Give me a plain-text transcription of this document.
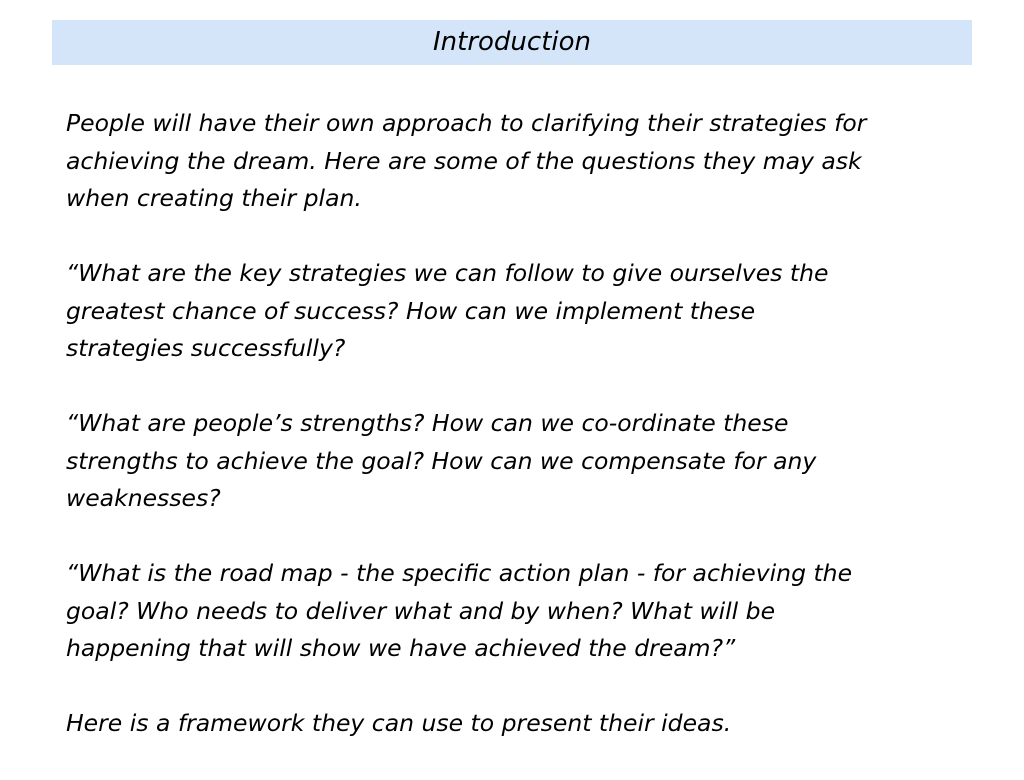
Introduction

People will have their own approach to clarifying their strategies for
achieving the dream. Here are some of the questions they may ask
when creating their plan.

“What are the key strategies we can follow to give ourselves the
greatest chance of success? How can we implement these
strategies successfully?

“What are people’s strengths? How can we co-ordinate these
strengths to achieve the goal? How can we compensate for any
weaknesses?

“What is the road map - the specific action plan - for achieving the
goal? Who needs to deliver what and by when? What will be
happening that will show we have achieved the dream?”

Here is a framework they can use to present their ideas.
